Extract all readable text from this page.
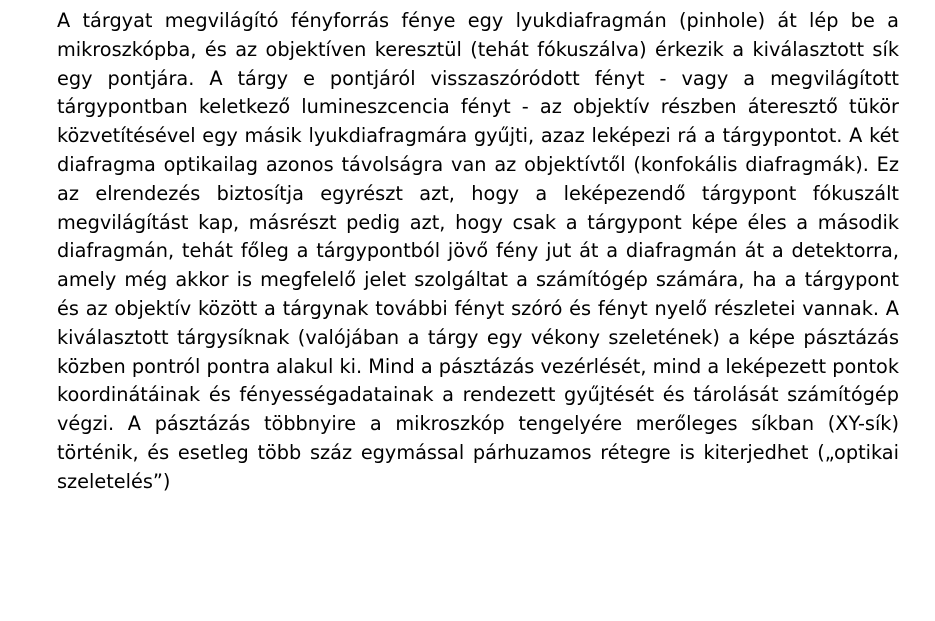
A tárgyat megvilágító fényforrás fénye egy lyukdiafragmán (pinhole) át lép be a mikroszkópba, és az objektíven keresztül (tehát fókuszálva) érkezik a kiválasztott sík egy pontjára. A tárgy e pontjáról visszaszóródott fényt - vagy a megvilágított tárgypontban keletkező lumineszcencia fényt - az objektív részben áteresztő tükör közvetítésével egy másik lyukdiafragmára gyűjti, azaz leképezi rá a tárgypontot. A két diafragma optikailag azonos távolságra van az objektívtől (konfokális diafragmák). Ez az elrendezés biztosítja egyrészt azt, hogy a leképezendő tárgypont fókuszált megvilágítást kap, másrészt pedig azt, hogy csak a tárgypont képe éles a második diafragmán, tehát főleg a tárgypontból jövő fény jut át a diafragmán át a detektorra, amely még akkor is megfelelő jelet szolgáltat a számítógép számára, ha a tárgypont és az objektív között a tárgynak további fényt szóró és fényt nyelő részletei vannak. A kiválasztott tárgysíknak (valójában a tárgy egy vékony szeletének) a képe pásztázás közben pontról pontra alakul ki. Mind a pásztázás vezérlését, mind a leképezett pontok koordinátáinak és fényességadatainak a rendezett gyűjtését és tárolását számítógép végzi. A pásztázás többnyire a mikroszkóp tengelyére merőleges síkban (XY-sík) történik, és esetleg több száz egymással párhuzamos rétegre is kiterjedhet („optikai szeletelés”)
